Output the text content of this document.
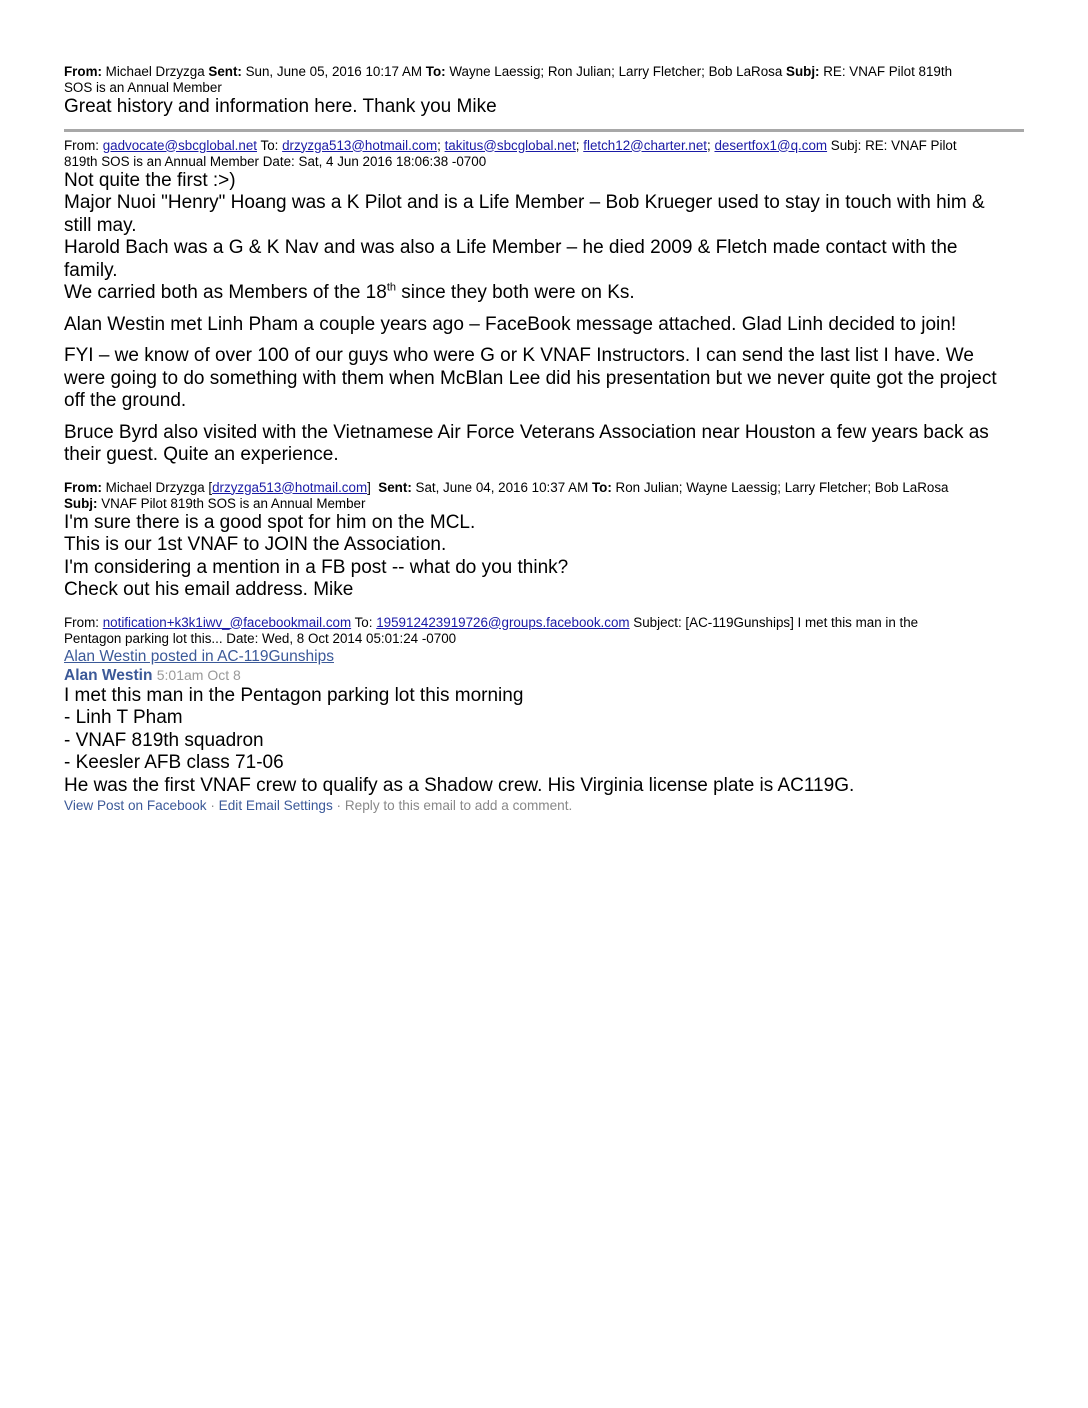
From: Michael Drzyzga Sent: Sun, June 05, 2016 10:17 AM To: Wayne Laessig; Ron Julian; Larry Fletcher; Bob LaRosa Subj: RE: VNAF Pilot 819th
SOS is an Annual Member

Great history and information here. Thank you Mike

From: gadvocate@sbcglobal.net To: drzyzga513@hotmail.com; takitus@sbcglobal.net; fletch12@charter.net; desertfox1@q.com Subj: RE: VNAF Pilot
819th SOS is an Annual Member Date: Sat, 4 Jun 2016 18:06:38 -0700

Not quite the first :>)

Major Nuoi "Henry" Hoang was a K Pilot and is a Life Member – Bob Krueger used to stay in touch with him &

still may.

Harold Bach was a G & K Nav and was also a Life Member – he died 2009 & Fletch made contact with the

family.

We carried both as Members of the 18th since they both were on Ks.

Alan Westin met Linh Pham a couple years ago – FaceBook message attached. Glad Linh decided to join!

FYI – we know of over 100 of our guys who were G or K VNAF Instructors. I can send the last list I have. We

were going to do something with them when McBlan Lee did his presentation but we never quite got the project

off the ground.

Bruce Byrd also visited with the Vietnamese Air Force Veterans Association near Houston a few years back as

their guest. Quite an experience.

From: Michael Drzyzga [drzyzga513@hotmail.com] Sent: Sat, June 04, 2016 10:37 AM To: Ron Julian; Wayne Laessig; Larry Fletcher; Bob LaRosa
Subj: VNAF Pilot 819th SOS is an Annual Member

I'm sure there is a good spot for him on the MCL.

This is our 1st VNAF to JOIN the Association.

I'm considering a mention in a FB post -- what do you think?

Check out his email address. Mike

From: notification+k3k1iwv_@facebookmail.com To: 195912423919726@groups.facebook.com Subject: [AC-119Gunships] I met this man in the
Pentagon parking lot this... Date: Wed, 8 Oct 2014 05:01:24 -0700

Alan Westin posted in AC-119Gunships

Alan Westin 5:01am Oct 8

I met this man in the Pentagon parking lot this morning

- Linh T Pham

- VNAF 819th squadron

- Keesler AFB class 71-06

He was the first VNAF crew to qualify as a Shadow crew. His Virginia license plate is AC119G.

View Post on Facebook · Edit Email Settings · Reply to this email to add a comment.
